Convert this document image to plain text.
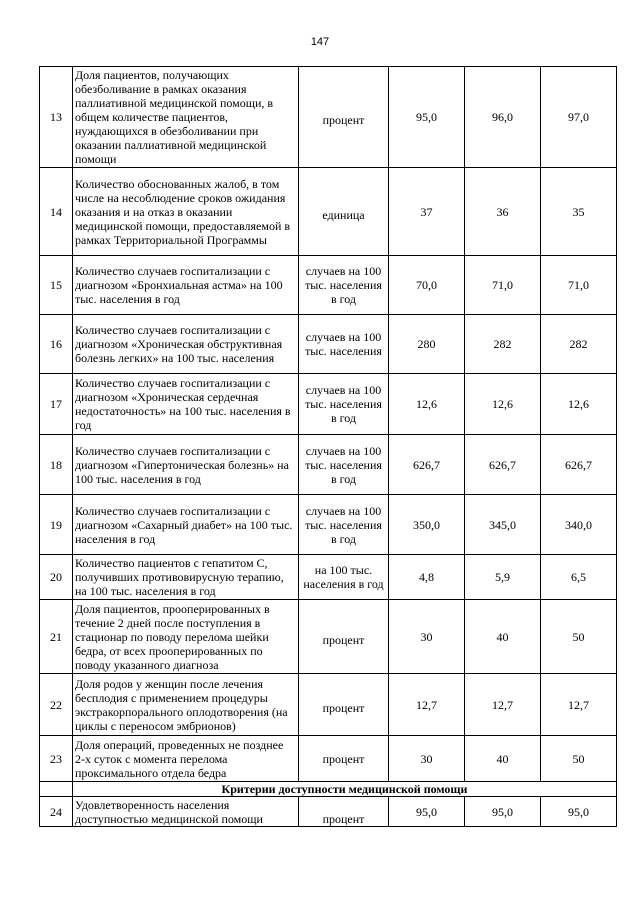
147
13	Доля пациентов, получающих обезболивание в рамках оказания паллиативной медицинской помощи, в общем количестве пациентов, нуждающихся в обезболивании при оказании паллиативной медицинской помощи	процент	95,0	96,0	97,0
14	Количество обоснованных жалоб, в том числе на несоблюдение сроков ожидания оказания и на отказ в оказании медицинской помощи, предоставляемой в рамках Территориальной Программы	единица	37	36	35
15	Количество случаев госпитализации с диагнозом «Бронхиальная астма» на 100 тыс. населения в год	случаев на 100 тыс. населения в год	70,0	71,0	71,0
16	Количество случаев госпитализации с диагнозом «Хроническая обструктивная болезнь легких» на 100 тыс. населения	случаев на 100 тыс. населения	280	282	282
17	Количество случаев госпитализации с диагнозом «Хроническая сердечная недостаточность» на 100 тыс. населения в год	случаев на 100 тыс. населения в год	12,6	12,6	12,6
18	Количество случаев госпитализации с диагнозом «Гипертоническая болезнь» на 100 тыс. населения в год	случаев на 100 тыс. населения в год	626,7	626,7	626,7
19	Количество случаев госпитализации с диагнозом «Сахарный диабет» на 100 тыс. населения в год	случаев на 100 тыс. населения в год	350,0	345,0	340,0
20	Количество пациентов с гепатитом С, получивших противовирусную терапию, на 100 тыс. населения в год	на 100 тыс. населения в год	4,8	5,9	6,5
21	Доля пациентов, прооперированных в течение 2 дней после поступления в стационар по поводу перелома шейки бедра, от всех прооперированных по поводу указанного диагноза	процент	30	40	50
22	Доля родов у женщин после лечения бесплодия с применением процедуры экстракорпорального оплодотворения (на циклы с переносом эмбрионов)	процент	12,7	12,7	12,7
23	Доля операций, проведенных не позднее 2-х суток с момента перелома проксимального отдела бедра	процент	30	40	50
	Критерии доступности медицинской помощи				
24	Удовлетворенность населения доступностью медицинской помощи	процент	95,0	95,0	95,0
